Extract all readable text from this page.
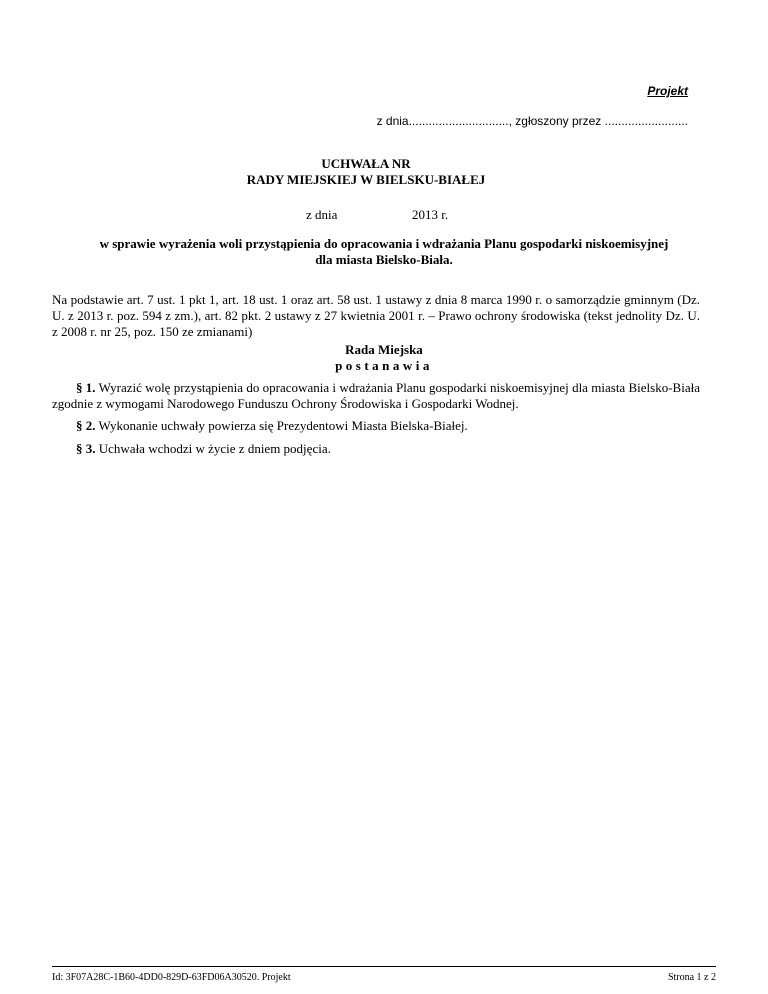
Projekt
z dnia.............................., zgłoszony przez .........................
UCHWAŁA NR
RADY MIEJSKIEJ W BIELSKU-BIAŁEJ
z dnia	2013 r.
w sprawie wyrażenia woli przystąpienia do opracowania i wdrażania Planu gospodarki niskoemisyjnej
dla miasta Bielsko-Biała.
Na podstawie art. 7 ust. 1 pkt 1, art. 18 ust. 1 oraz art. 58 ust. 1 ustawy z dnia 8 marca 1990 r. o samorządzie gminnym (Dz. U. z 2013 r. poz. 594 z zm.), art. 82 pkt. 2 ustawy z 27 kwietnia 2001 r. – Prawo ochrony środowiska (tekst jednolity Dz. U. z 2008 r. nr 25, poz. 150 ze zmianami)
Rada Miejska
postanawia
§ 1. Wyrazić wolę przystąpienia do opracowania i wdrażania Planu gospodarki niskoemisyjnej dla miasta Bielsko-Biała zgodnie z wymogami Narodowego Funduszu Ochrony Środowiska i Gospodarki Wodnej.
§ 2. Wykonanie uchwały powierza się Prezydentowi Miasta Bielska-Białej.
§ 3. Uchwała wchodzi w życie z dniem podjęcia.
Id: 3F07A28C-1B60-4DD0-829D-63FD06A30520. Projekt	Strona 1 z 2
